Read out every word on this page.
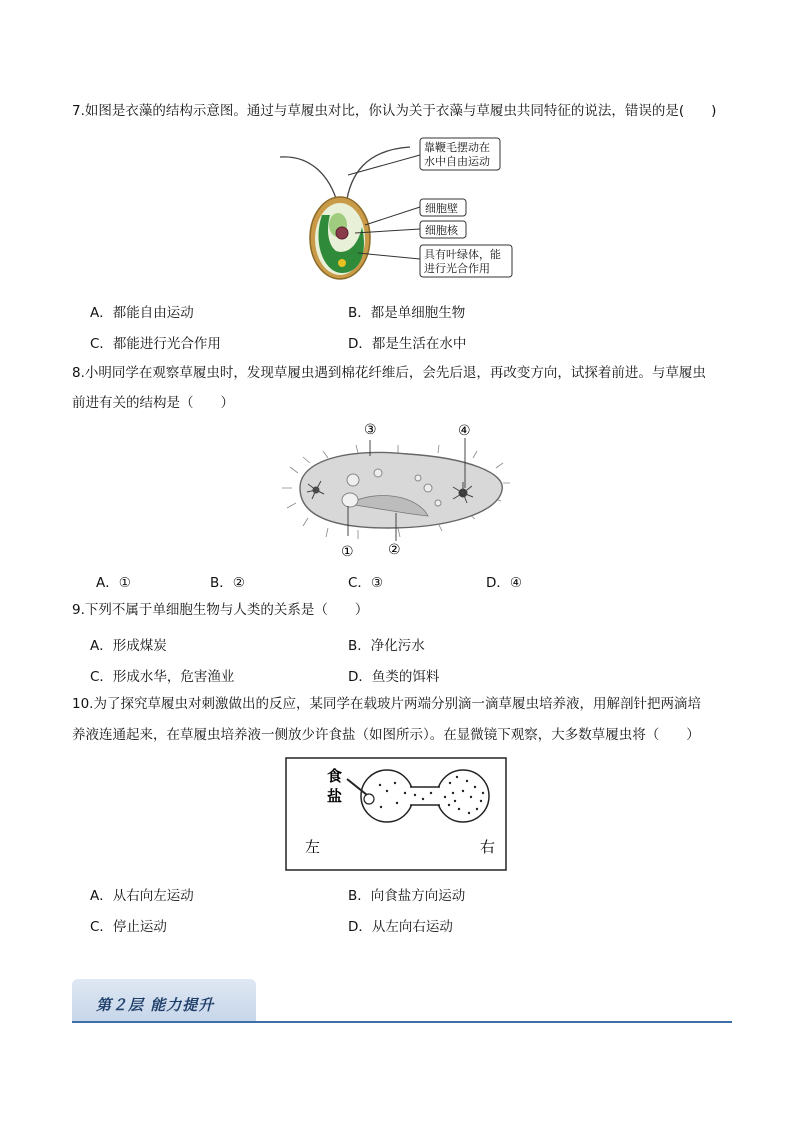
7.如图是衣藻的结构示意图。通过与草履虫对比，你认为关于衣藻与草履虫共同特征的说法，错误的是(　　)
靠鞭毛摆动在
水中自由运动
细胞壁
细胞核
具有叶绿体，能
进行光合作用
A．都能自由运动	B．都是单细胞生物
C．都能进行光合作用	D．都是生活在水中
8.小明同学在观察草履虫时，发现草履虫遇到棉花纤维后，会先后退，再改变方向，试探着前进。与草履虫
前进有关的结构是（　　）
① ②
③	④
A．①	B．②	C．③	D．④
9.下列不属于单细胞生物与人类的关系是（　　）
A．形成煤炭	B．净化污水
C．形成水华，危害渔业	D．鱼类的饵料
10.为了探究草履虫对刺激做出的反应，某同学在载玻片两端分别滴一滴草履虫培养液，用解剖针把两滴培
养液连通起来，在草履虫培养液一侧放少许食盐（如图所示）。在显微镜下观察，大多数草履虫将（　　）
食
盐
左	右
A．从右向左运动	B．向食盐方向运动
C．停止运动	D．从左向右运动
第２层 能力提升
